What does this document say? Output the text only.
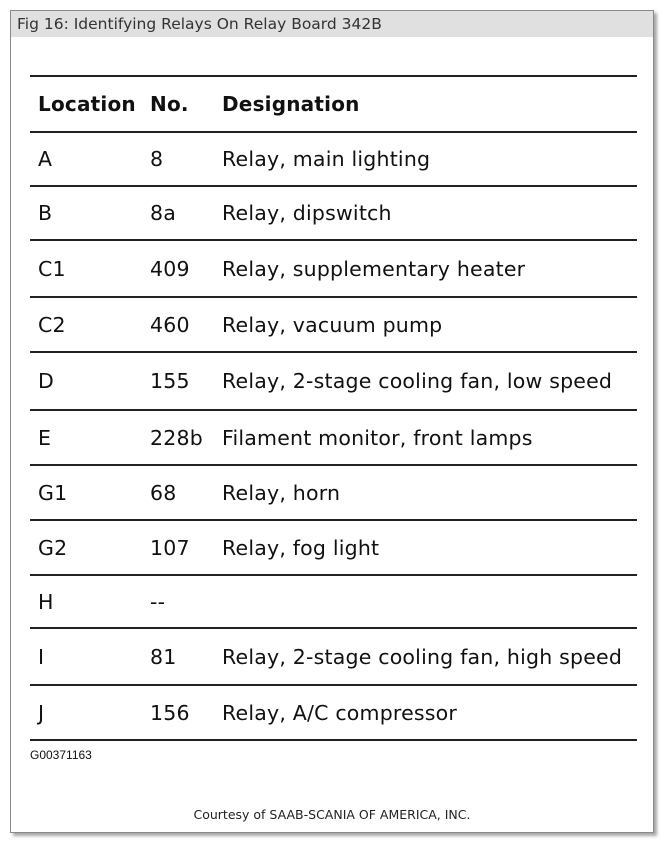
Fig 16: Identifying Relays On Relay Board 342B
Location No. Designation
A	8	Relay, main lighting
B	8a Relay, dipswitch
C1	409 Relay, supplementary heater
C2	460 Relay, vacuum pump
D	155 Relay, 2-stage cooling fan, low speed
E	228b Filament monitor, front lamps
G1	68 Relay, horn
G2	107 Relay, fog light
H	--
I	81 Relay, 2-stage cooling fan, high speed
J	156 Relay, A/C compressor
G00371163
Courtesy of SAAB-SCANIA OF AMERICA, INC.
